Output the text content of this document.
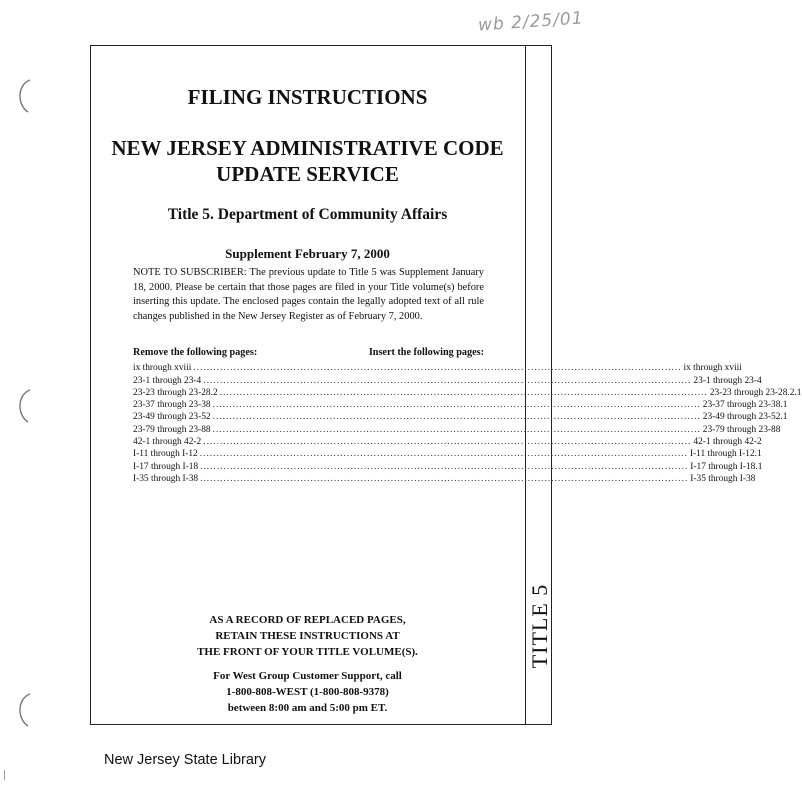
wb 2/25/01
TITLE 5
FILING INSTRUCTIONS
NEW JERSEY ADMINISTRATIVE CODE
UPDATE SERVICE
Title 5. Department of Community Affairs
Supplement February 7, 2000
NOTE TO SUBSCRIBER: The previous update to Title 5 was Supplement January 18, 2000. Please be certain that those pages are filed in your Title volume(s) before inserting this update. The enclosed pages contain the legally adopted text of all rule changes published in the New Jersey Register as of February 7, 2000.
Remove the following pages:	Insert the following pages:
ix through xviii .................................................................................................................................................. ix through xviii
23-1 through 23-4 .................................................................................................................................................. 23-1 through 23-4
23-23 through 23-28.2 .................................................................................................................................................. 23-23 through 23-28.2.1
23-37 through 23-38 .................................................................................................................................................. 23-37 through 23-38.1
23-49 through 23-52 .................................................................................................................................................. 23-49 through 23-52.1
23-79 through 23-88 .................................................................................................................................................. 23-79 through 23-88
42-1 through 42-2 .................................................................................................................................................. 42-1 through 42-2
I-11 through I-12 .................................................................................................................................................. I-11 through I-12.1
I-17 through I-18 .................................................................................................................................................. I-17 through I-18.1
I-35 through I-38 .................................................................................................................................................. I-35 through I-38
AS A RECORD OF REPLACED PAGES,
RETAIN THESE INSTRUCTIONS AT
THE FRONT OF YOUR TITLE VOLUME(S).
For West Group Customer Support, call
1-800-808-WEST (1-800-808-9378)
between 8:00 am and 5:00 pm ET.
New Jersey State Library
